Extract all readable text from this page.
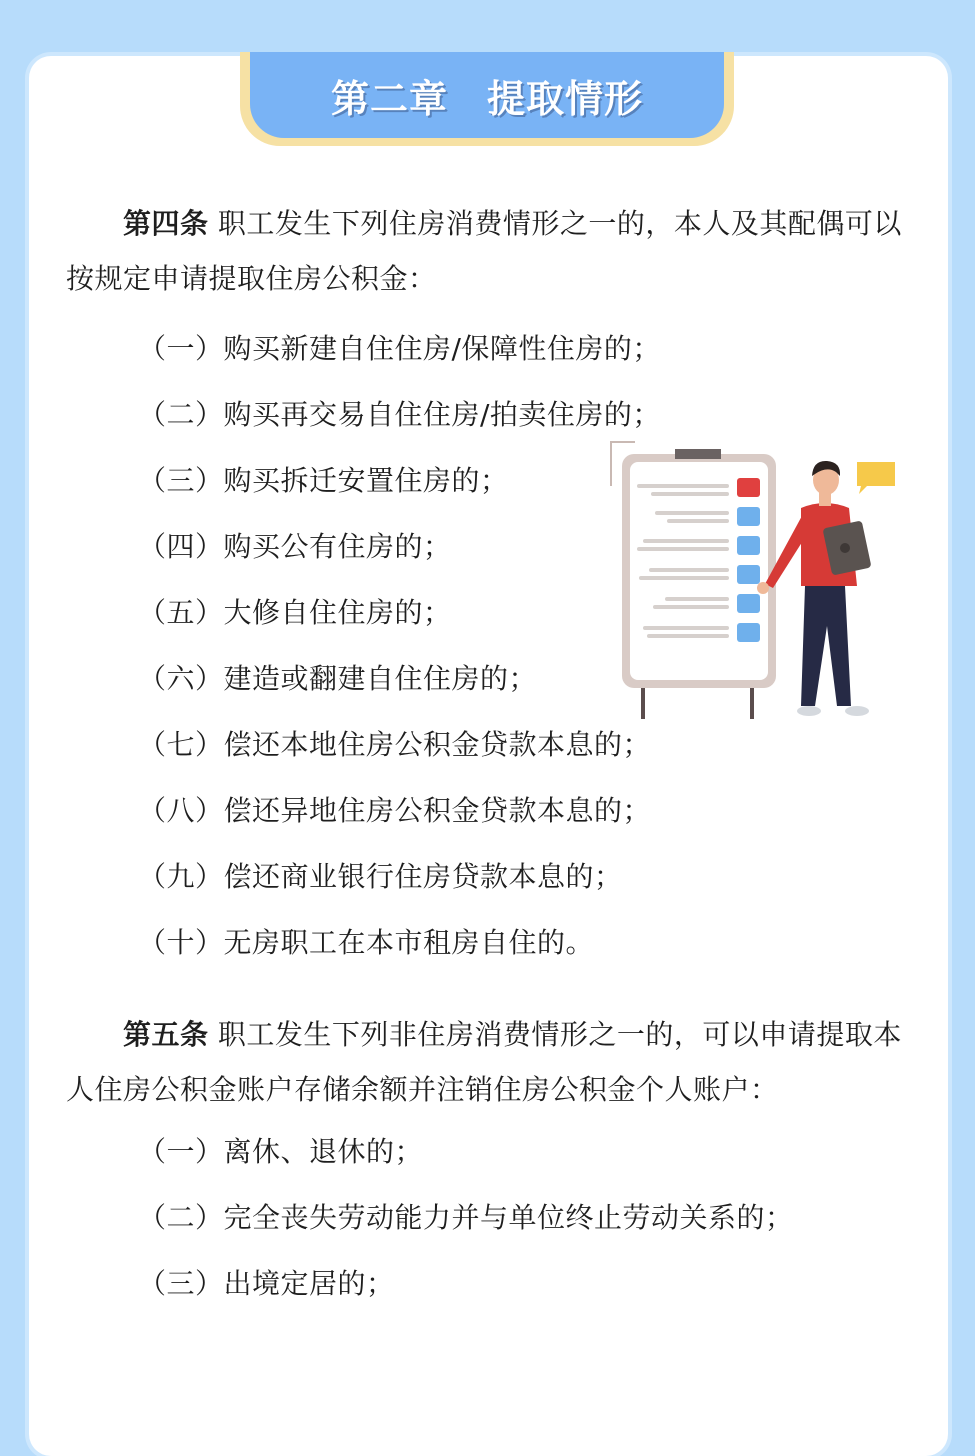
第二章　提取情形
第四条 职工发生下列住房消费情形之一的，本人及其配偶可以按规定申请提取住房公积金：
（一）购买新建自住住房/保障性住房的；
（二）购买再交易自住住房/拍卖住房的；
（三）购买拆迁安置住房的；
（四）购买公有住房的；
（五）大修自住住房的；
（六）建造或翻建自住住房的；
（七）偿还本地住房公积金贷款本息的；
（八）偿还异地住房公积金贷款本息的；
（九）偿还商业银行住房贷款本息的；
（十）无房职工在本市租房自住的。
第五条 职工发生下列非住房消费情形之一的，可以申请提取本人住房公积金账户存储余额并注销住房公积金个人账户：
（一）离休、退休的；
（二）完全丧失劳动能力并与单位终止劳动关系的；
（三）出境定居的；
